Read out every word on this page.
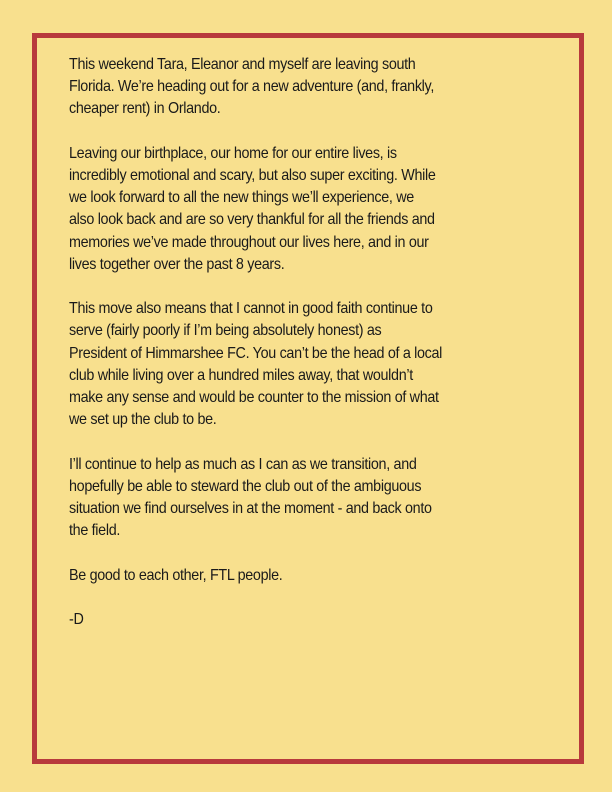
This weekend Tara, Eleanor and myself are leaving south
Florida. We’re heading out for a new adventure (and, frankly,
cheaper rent) in Orlando.

Leaving our birthplace, our home for our entire lives, is
incredibly emotional and scary, but also super exciting. While
we look forward to all the new things we’ll experience, we
also look back and are so very thankful for all the friends and
memories we’ve made throughout our lives here, and in our
lives together over the past 8 years.

This move also means that I cannot in good faith continue to
serve (fairly poorly if I’m being absolutely honest) as
President of Himmarshee FC. You can’t be the head of a local
club while living over a hundred miles away, that wouldn’t
make any sense and would be counter to the mission of what
we set up the club to be.

I’ll continue to help as much as I can as we transition, and
hopefully be able to steward the club out of the ambiguous
situation we find ourselves in at the moment - and back onto
the field.

Be good to each other, FTL people.

-D
